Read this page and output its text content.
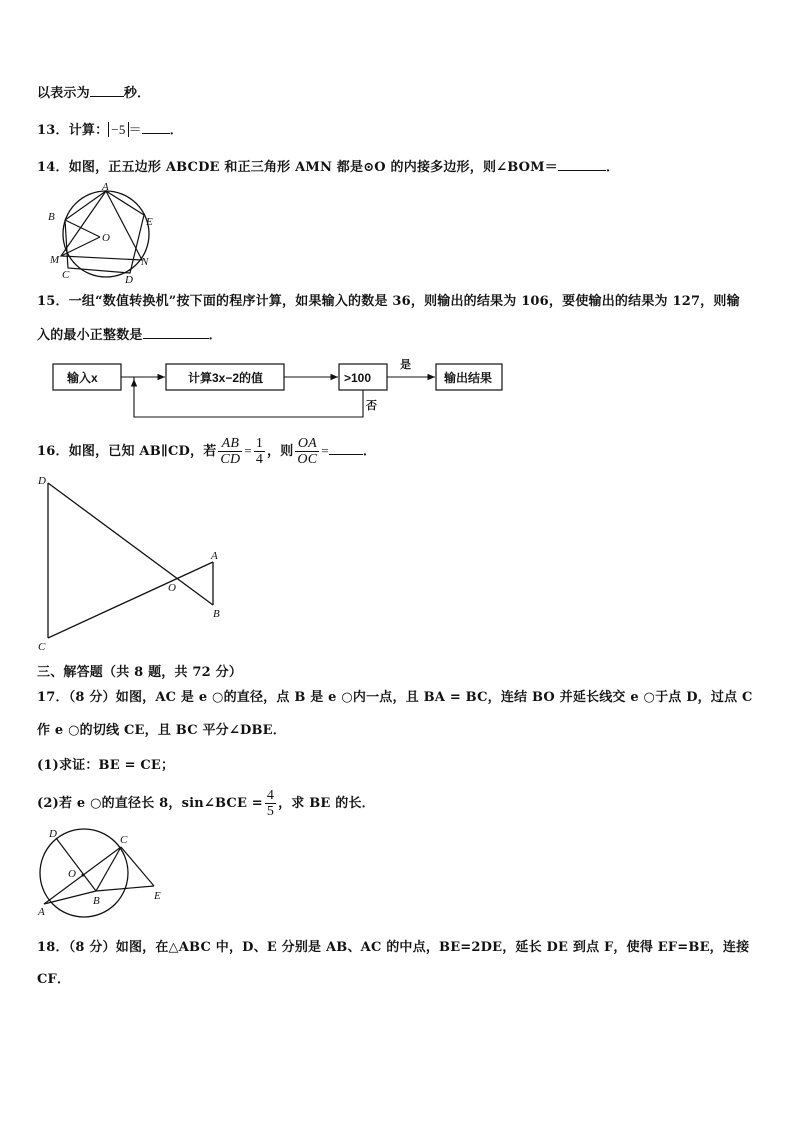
以表示为	秒．
13．计算： −5 ＝ ．
14．如图，正五边形 ABCDE 和正三角形 AMN 都是⊙O 的内接多边形，则∠BOM＝	．
A
B	E
O
M
C
N
D
15．一组“数值转换机”按下面的程序计算，如果输入的数是 36，则输出的结果为 106，要使输出的结果为 127，则输
入的最小正整数是	．
输入x	计算3x−2的值	>100
是
输出结果
否
16．如图，已知 AB∥CD，若 $\frac{AB}{CD} = \frac{1}{4}$ ，则 $\frac{OA}{OC}$ =	．
D
A
O
B
C
三、解答题（共 8 题，共 72 分）
17．（8 分）如图，AC 是 e ○的直径，点 B 是 e ○内一点，且 BA = BC，连结 BO 并延长线交 e ○于点 D，过点 C
作 e ○的切线 CE，且 BC 平分∠DBE．
(1)求证：BE = CE；
(2)若 e ○的直径长 8，sin∠BCE = $\frac{4}{5}$ ，求 BE 的长．
D	C
O
E
A
B
18．（8 分）如图，在△ABC 中，D、E 分别是 AB、AC 的中点，BE=2DE，延长 DE 到点 F，使得 EF=BE，连接
CF．
